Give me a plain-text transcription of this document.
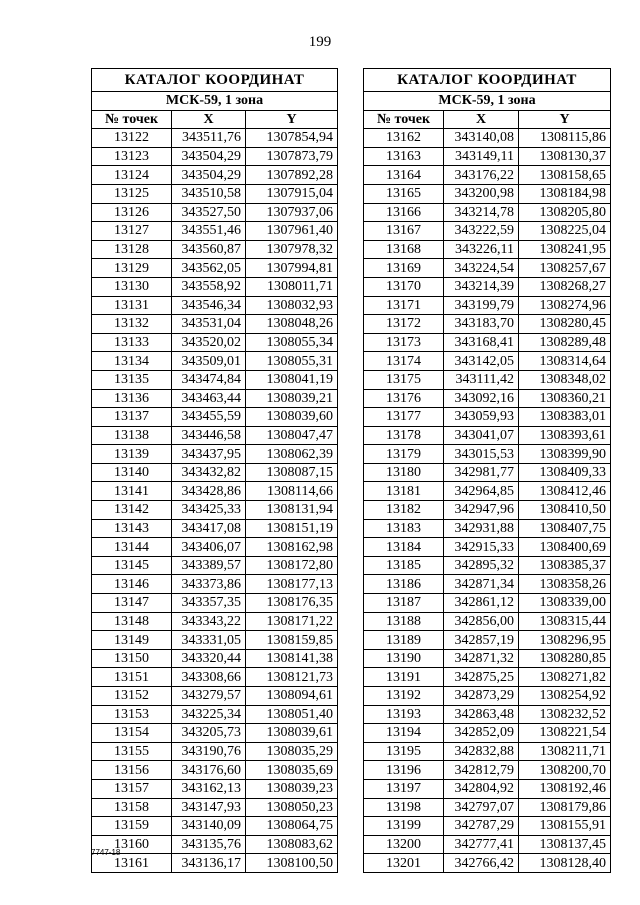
199
КАТАЛОГ КООРДИНАТ		
МСК-59, 1 зона		
№ точек	X	Y
13122	343511,76	1307854,94
13123	343504,29	1307873,79
13124	343504,29	1307892,28
13125	343510,58	1307915,04
13126	343527,50	1307937,06
13127	343551,46	1307961,40
13128	343560,87	1307978,32
13129	343562,05	1307994,81
13130	343558,92	1308011,71
13131	343546,34	1308032,93
13132	343531,04	1308048,26
13133	343520,02	1308055,34
13134	343509,01	1308055,31
13135	343474,84	1308041,19
13136	343463,44	1308039,21
13137	343455,59	1308039,60
13138	343446,58	1308047,47
13139	343437,95	1308062,39
13140	343432,82	1308087,15
13141	343428,86	1308114,66
13142	343425,33	1308131,94
13143	343417,08	1308151,19
13144	343406,07	1308162,98
13145	343389,57	1308172,80
13146	343373,86	1308177,13
13147	343357,35	1308176,35
13148	343343,22	1308171,22
13149	343331,05	1308159,85
13150	343320,44	1308141,38
13151	343308,66	1308121,73
13152	343279,57	1308094,61
13153	343225,34	1308051,40
13154	343205,73	1308039,61
13155	343190,76	1308035,29
13156	343176,60	1308035,69
13157	343162,13	1308039,23
13158	343147,93	1308050,23
13159	343140,09	1308064,75
13160	343135,76	1308083,62
13161	343136,17	1308100,50
КАТАЛОГ КООРДИНАТ		
МСК-59, 1 зона		
№ точек	X	Y
13162	343140,08	1308115,86
13163	343149,11	1308130,37
13164	343176,22	1308158,65
13165	343200,98	1308184,98
13166	343214,78	1308205,80
13167	343222,59	1308225,04
13168	343226,11	1308241,95
13169	343224,54	1308257,67
13170	343214,39	1308268,27
13171	343199,79	1308274,96
13172	343183,70	1308280,45
13173	343168,41	1308289,48
13174	343142,05	1308314,64
13175	343111,42	1308348,02
13176	343092,16	1308360,21
13177	343059,93	1308383,01
13178	343041,07	1308393,61
13179	343015,53	1308399,90
13180	342981,77	1308409,33
13181	342964,85	1308412,46
13182	342947,96	1308410,50
13183	342931,88	1308407,75
13184	342915,33	1308400,69
13185	342895,32	1308385,37
13186	342871,34	1308358,26
13187	342861,12	1308339,00
13188	342856,00	1308315,44
13189	342857,19	1308296,95
13190	342871,32	1308280,85
13191	342875,25	1308271,82
13192	342873,29	1308254,92
13193	342863,48	1308232,52
13194	342852,09	1308221,54
13195	342832,88	1308211,71
13196	342812,79	1308200,70
13197	342804,92	1308192,46
13198	342797,07	1308179,86
13199	342787,29	1308155,91
13200	342777,41	1308137,45
13201	342766,42	1308128,40
7747-18
